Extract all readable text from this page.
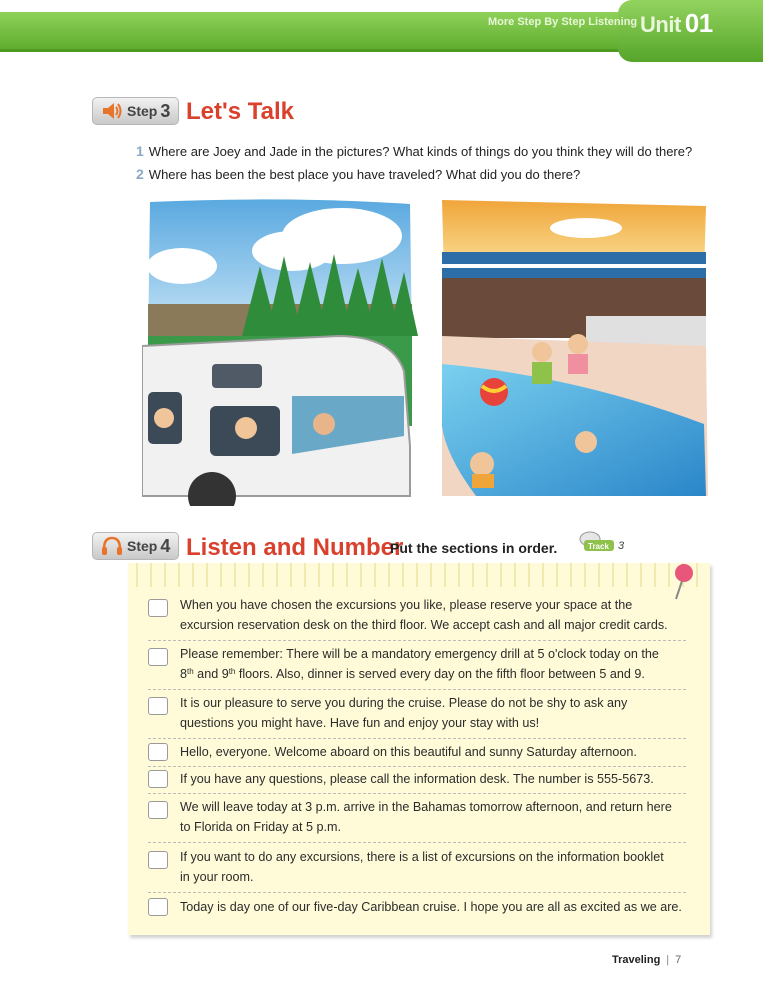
More Step By Step Listening Unit 01
Step 3 Let's Talk
1 Where are Joey and Jade in the pictures? What kinds of things do you think they will do there?
2 Where has been the best place you have traveled? What did you do there?
Step 4 Listen and Number
Put the sections in order.	Track 3
When you have chosen the excursions you like, please reserve your space at the
excursion reservation desk on the third floor. We accept cash and all major credit cards.
Please remember: There will be a mandatory emergency drill at 5 o'clock today on the
8th and 9th floors. Also, dinner is served every day on the fifth floor between 5 and 9.
It is our pleasure to serve you during the cruise. Please do not be shy to ask any
questions you might have. Have fun and enjoy your stay with us!
Hello, everyone. Welcome aboard on this beautiful and sunny Saturday afternoon.
If you have any questions, please call the information desk. The number is 555-5673.
We will leave today at 3 p.m. arrive in the Bahamas tomorrow afternoon, and return here
to Florida on Friday at 5 p.m.
If you want to do any excursions, there is a list of excursions on the information booklet
in your room.
Today is day one of our five-day Caribbean cruise. I hope you are all as excited as we are.
Traveling | 7
